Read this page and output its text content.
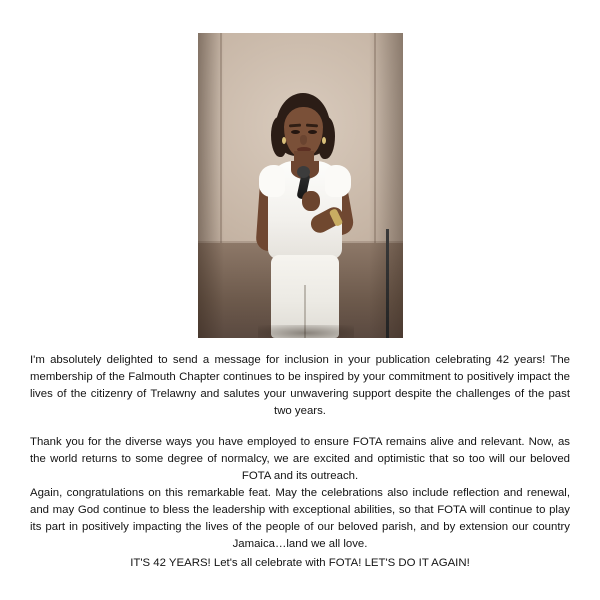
I'm absolutely delighted to send a message for inclusion in your publication celebrating 42 years! The membership of the Falmouth Chapter continues to be inspired by your commitment to positively impact the lives of the citizenry of Trelawny and salutes your unwavering support despite the challenges of the past two years.

Thank you for the diverse ways you have employed to ensure FOTA remains alive and relevant. Now, as the world returns to some degree of normalcy, we are excited and optimistic that so too will our beloved FOTA and its outreach.

Again, congratulations on this remarkable feat. May the celebrations also include reflection and renewal, and may God continue to bless the leadership with exceptional abilities, so that FOTA will continue to play its part in positively impacting the lives of the people of our beloved parish, and by extension our country Jamaica…land we all love.

IT'S 42 YEARS! Let's all celebrate with FOTA! LET'S DO IT AGAIN!
